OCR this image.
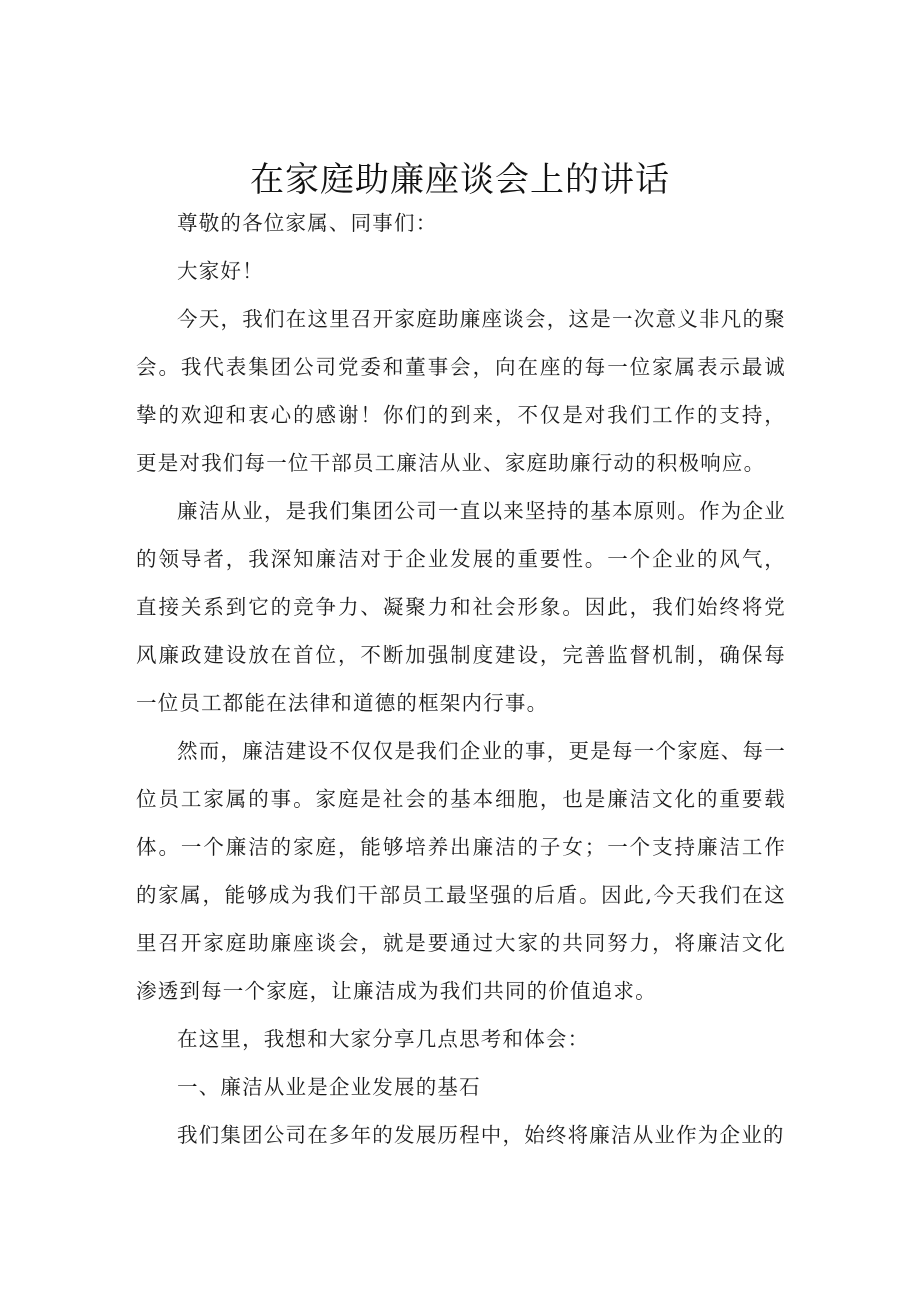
在家庭助廉座谈会上的讲话

尊敬的各位家属、同事们：

大家好！

今天，我们在这里召开家庭助廉座谈会，这是一次意义非凡的聚会。我代表集团公司党委和董事会，向在座的每一位家属表示最诚挚的欢迎和衷心的感谢！你们的到来，不仅是对我们工作的支持，更是对我们每一位干部员工廉洁从业、家庭助廉行动的积极响应。

廉洁从业，是我们集团公司一直以来坚持的基本原则。作为企业的领导者，我深知廉洁对于企业发展的重要性。一个企业的风气，直接关系到它的竞争力、凝聚力和社会形象。因此，我们始终将党风廉政建设放在首位，不断加强制度建设，完善监督机制，确保每一位员工都能在法律和道德的框架内行事。

然而，廉洁建设不仅仅是我们企业的事，更是每一个家庭、每一位员工家属的事。家庭是社会的基本细胞，也是廉洁文化的重要载体。一个廉洁的家庭，能够培养出廉洁的子女；一个支持廉洁工作的家属，能够成为我们干部员工最坚强的后盾。因此,今天我们在这里召开家庭助廉座谈会，就是要通过大家的共同努力，将廉洁文化渗透到每一个家庭，让廉洁成为我们共同的价值追求。

在这里，我想和大家分享几点思考和体会：

一、廉洁从业是企业发展的基石

我们集团公司在多年的发展历程中，始终将廉洁从业作为企业的
